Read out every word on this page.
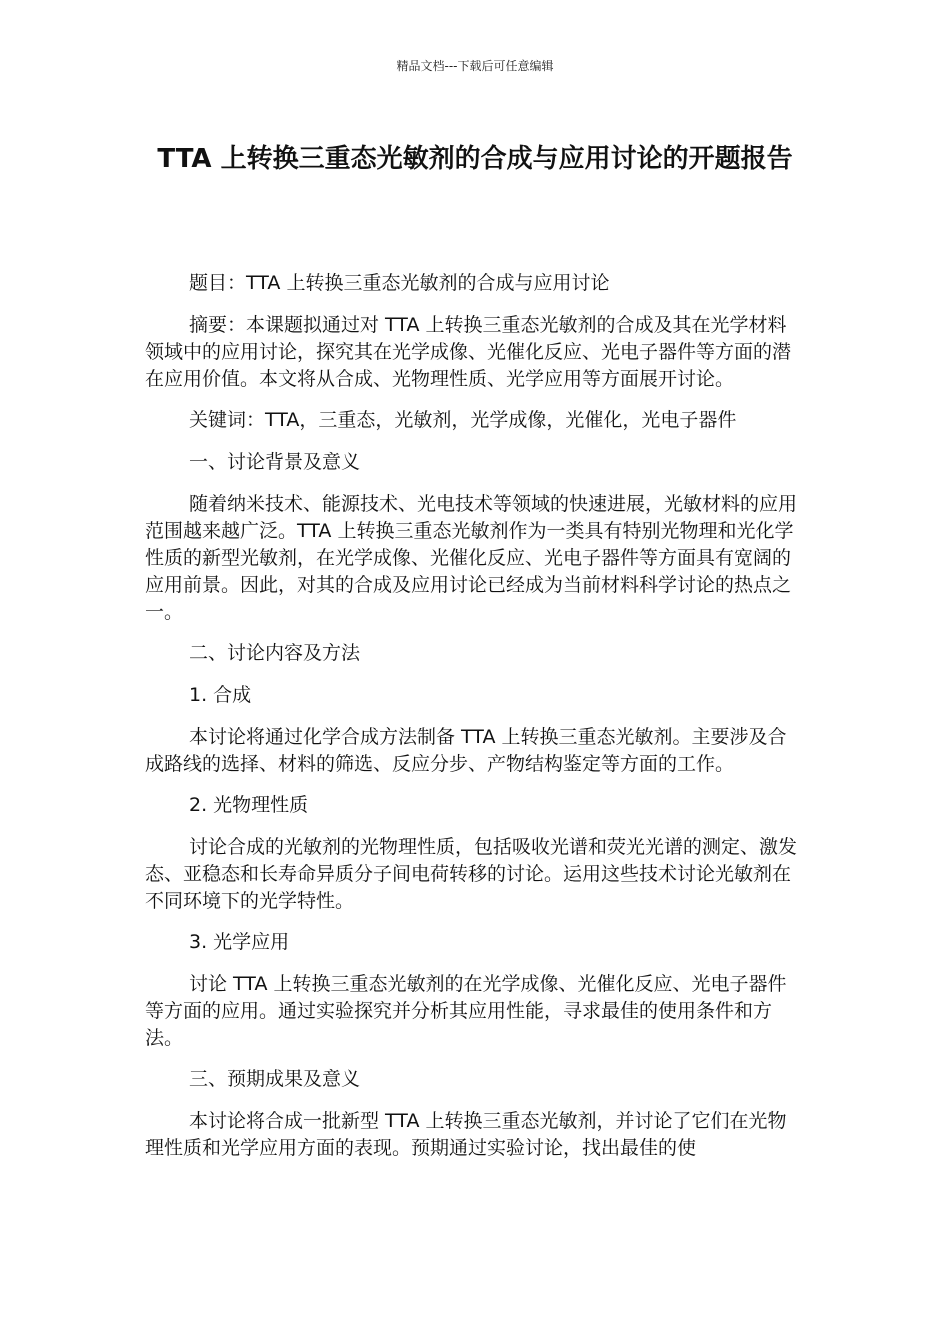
精品文档---下载后可任意编辑
TTA 上转换三重态光敏剂的合成与应用讨论的开题报告

题目：TTA 上转换三重态光敏剂的合成与应用讨论

摘要：本课题拟通过对 TTA 上转换三重态光敏剂的合成及其在光学材料领域中的应用讨论，探究其在光学成像、光催化反应、光电子器件等方面的潜在应用价值。本文将从合成、光物理性质、光学应用等方面展开讨论。

关键词：TTA，三重态，光敏剂，光学成像，光催化，光电子器件

一、讨论背景及意义

随着纳米技术、能源技术、光电技术等领域的快速进展，光敏材料的应用范围越来越广泛。TTA 上转换三重态光敏剂作为一类具有特别光物理和光化学性质的新型光敏剂，在光学成像、光催化反应、光电子器件等方面具有宽阔的应用前景。因此，对其的合成及应用讨论已经成为当前材料科学讨论的热点之一。

二、讨论内容及方法

1. 合成

本讨论将通过化学合成方法制备 TTA 上转换三重态光敏剂。主要涉及合成路线的选择、材料的筛选、反应分步、产物结构鉴定等方面的工作。

2. 光物理性质

讨论合成的光敏剂的光物理性质，包括吸收光谱和荧光光谱的测定、激发态、亚稳态和长寿命异质分子间电荷转移的讨论。运用这些技术讨论光敏剂在不同环境下的光学特性。

3. 光学应用

讨论 TTA 上转换三重态光敏剂的在光学成像、光催化反应、光电子器件等方面的应用。通过实验探究并分析其应用性能，寻求最佳的使用条件和方法。

三、预期成果及意义

本讨论将合成一批新型 TTA 上转换三重态光敏剂，并讨论了它们在光物理性质和光学应用方面的表现。预期通过实验讨论，找出最佳的使
